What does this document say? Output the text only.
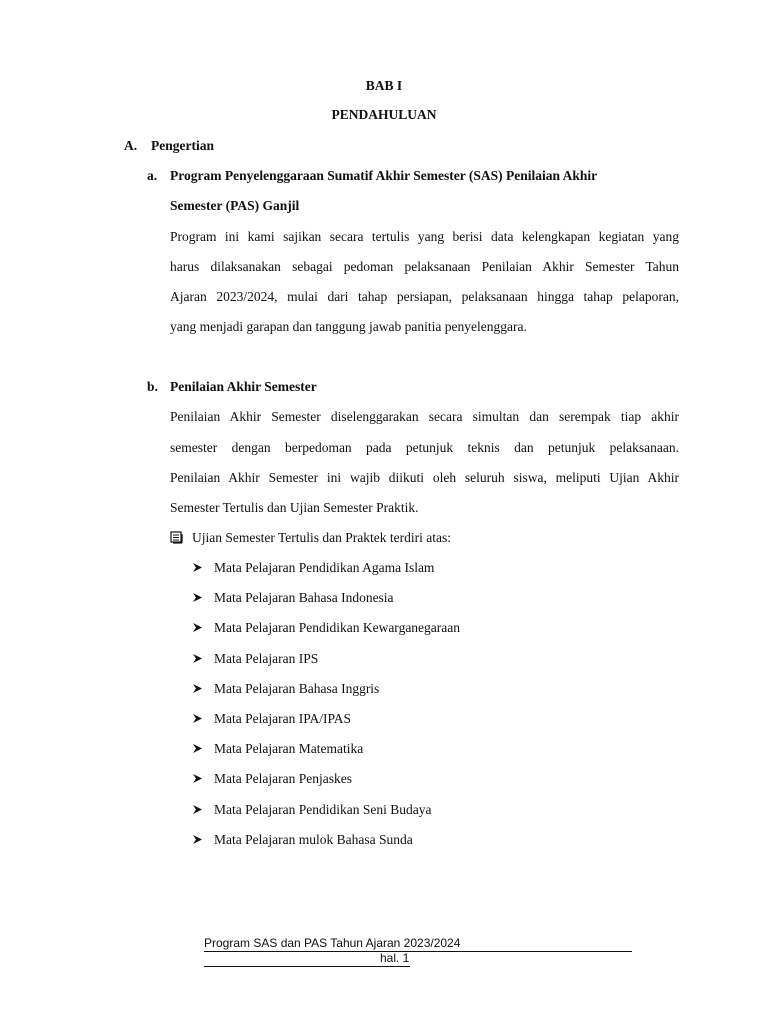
BAB I
PENDAHULUAN
A. Pengertian
a. Program Penyelenggaraan Sumatif Akhir Semester (SAS) Penilaian Akhir
Semester (PAS) Ganjil
Program ini kami sajikan secara tertulis yang berisi data kelengkapan kegiatan yang
harus dilaksanakan sebagai pedoman pelaksanaan Penilaian Akhir Semester Tahun
Ajaran 2023/2024, mulai dari tahap persiapan, pelaksanaan hingga tahap pelaporan,
yang menjadi garapan dan tanggung jawab panitia penyelenggara.
b. Penilaian Akhir Semester
Penilaian Akhir Semester diselenggarakan secara simultan dan serempak tiap akhir
semester dengan berpedoman pada petunjuk teknis dan petunjuk pelaksanaan.
Penilaian Akhir Semester ini wajib diikuti oleh seluruh siswa, meliputi Ujian Akhir
Semester Tertulis dan Ujian Semester Praktik.
Ujian Semester Tertulis dan Praktek terdiri atas:
Mata Pelajaran Pendidikan Agama Islam
Mata Pelajaran Bahasa Indonesia
Mata Pelajaran Pendidikan Kewarganegaraan
Mata Pelajaran IPS
Mata Pelajaran Bahasa Inggris
Mata Pelajaran IPA/IPAS
Mata Pelajaran Matematika
Mata Pelajaran Penjaskes
Mata Pelajaran Pendidikan Seni Budaya
Mata Pelajaran mulok Bahasa Sunda
Program SAS dan PAS Tahun Ajaran 2023/2024
hal. 1
